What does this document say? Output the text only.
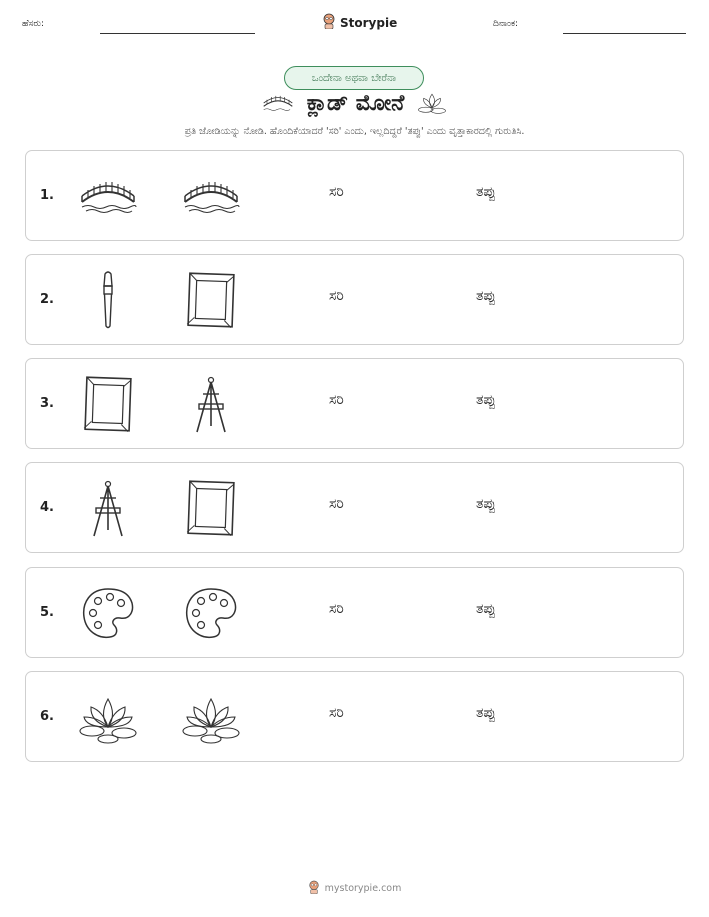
ಹೆಸರು:	Storypie	ದಿನಾಂಕ:
ಒಂದೇನಾ ಅಥವಾ ಬೇರೆನಾ
ಕ್ಲಾಡ್ ಮೋನೆ
ಪ್ರತಿ ಜೋಡಿಯನ್ನು ನೋಡಿ. ಹೊಂದಿಕೆಯಾದರೆ 'ಸರಿ' ಎಂದು, ಇಲ್ಲದಿದ್ದರೆ 'ತಪ್ಪು' ಎಂದು ವೃತ್ತಾಕಾರದಲ್ಲಿ ಗುರುತಿಸಿ.
1.	ಸರಿ	ತಪ್ಪು
2.	ಸರಿ	ತಪ್ಪು
3.	ಸರಿ	ತಪ್ಪು
4.	ಸರಿ	ತಪ್ಪು
5.	ಸರಿ	ತಪ್ಪು
6.	ಸರಿ	ತಪ್ಪು
mystorypie.com
